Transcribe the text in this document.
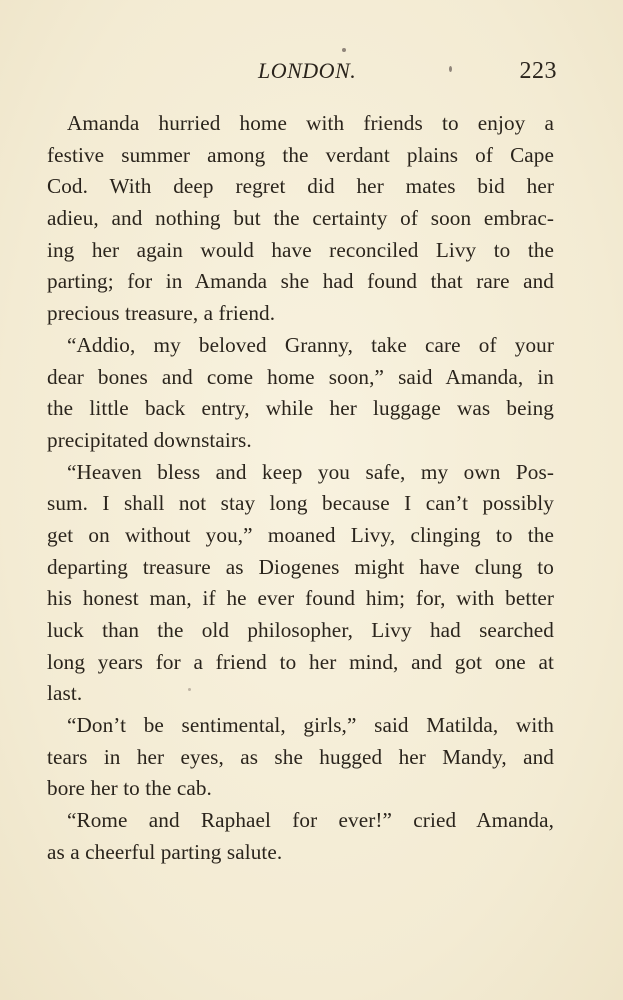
LONDON.	223
Amanda hurried home with friends to enjoy a
festive summer among the verdant plains of Cape
Cod. With deep regret did her mates bid her
adieu, and nothing but the certainty of soon embrac-
ing her again would have reconciled Livy to the
parting; for in Amanda she had found that rare and
precious treasure, a friend.
“Addio, my beloved Granny, take care of your
dear bones and come home soon,” said Amanda, in
the little back entry, while her luggage was being
precipitated downstairs.
“Heaven bless and keep you safe, my own Pos-
sum. I shall not stay long because I can’t possibly
get on without you,” moaned Livy, clinging to the
departing treasure as Diogenes might have clung to
his honest man, if he ever found him; for, with better
luck than the old philosopher, Livy had searched
long years for a friend to her mind, and got one at
last.
“Don’t be sentimental, girls,” said Matilda, with
tears in her eyes, as she hugged her Mandy, and
bore her to the cab.
“Rome and Raphael for ever!” cried Amanda,
as a cheerful parting salute.
